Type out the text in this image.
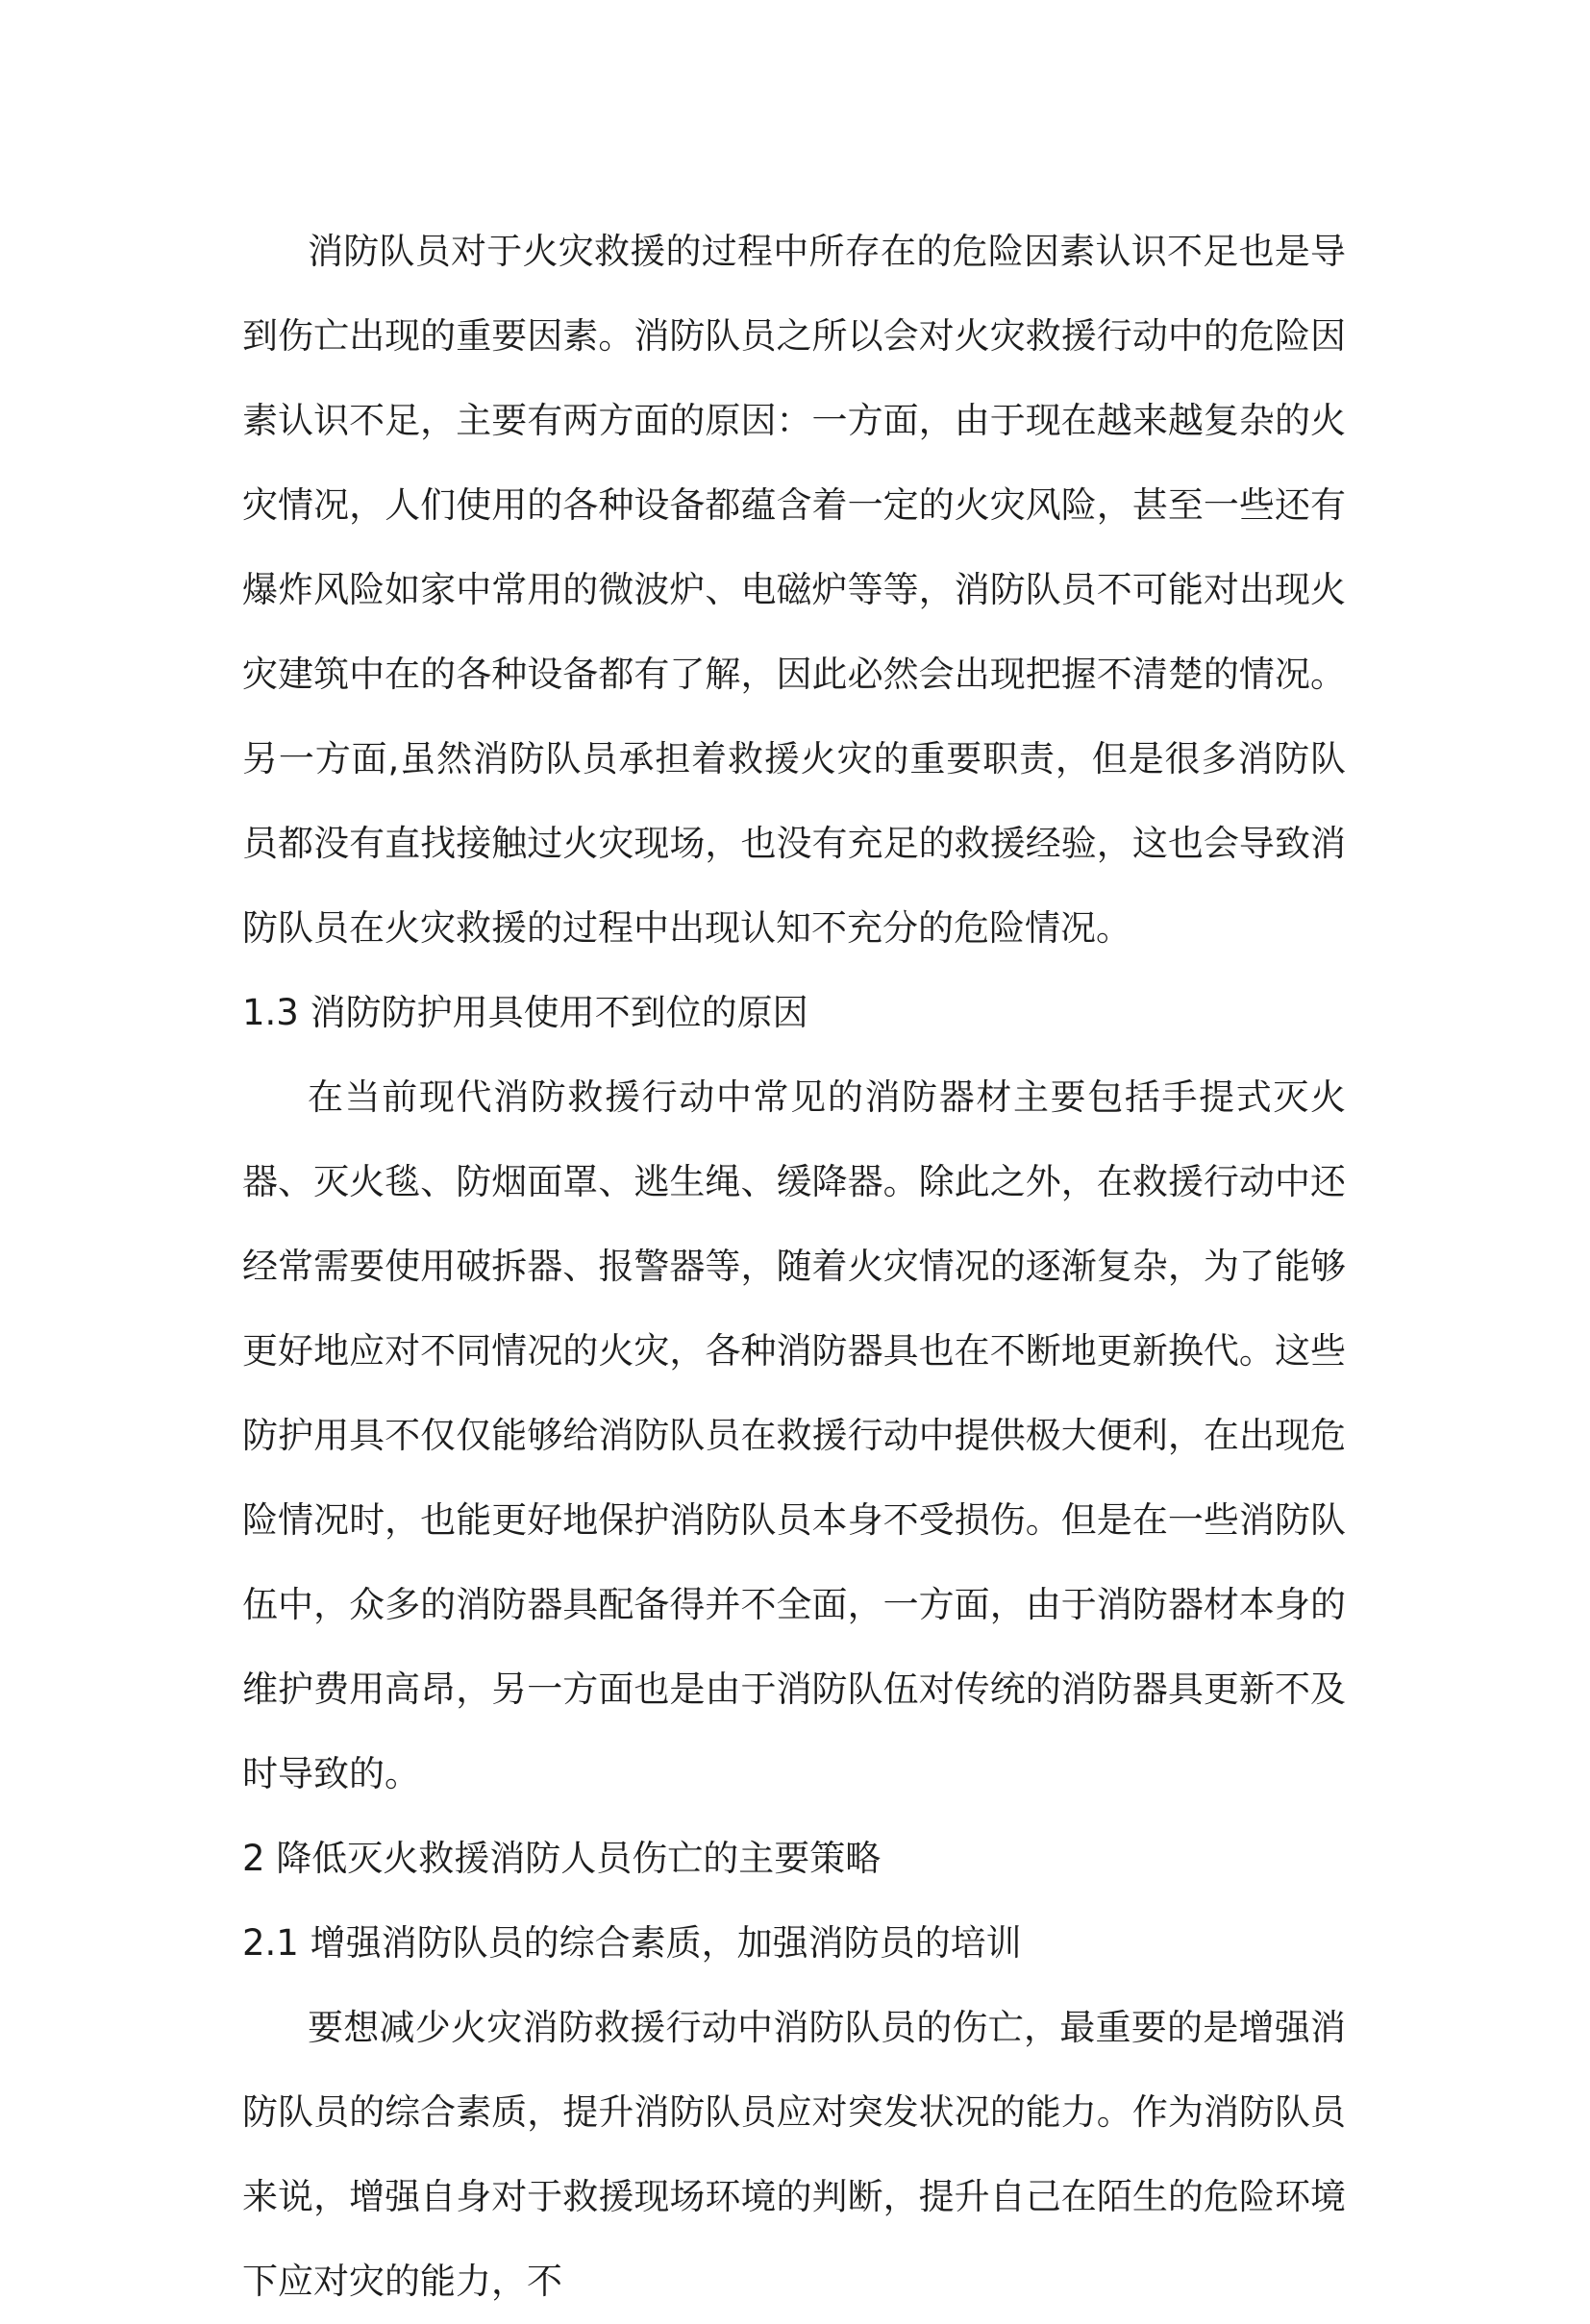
消防队员对于火灾救援的过程中所存在的危险因素认识不足也是导到伤亡出现的重要因素。消防队员之所以会对火灾救援行动中的危险因素认识不足，主要有两方面的原因：一方面，由于现在越来越复杂的火灾情况，人们使用的各种设备都蕴含着一定的火灾风险，甚至一些还有爆炸风险如家中常用的微波炉、电磁炉等等，消防队员不可能对出现火灾建筑中在的各种设备都有了解，因此必然会出现把握不清楚的情况。另一方面,虽然消防队员承担着救援火灾的重要职责，但是很多消防队员都没有直找接触过火灾现场，也没有充足的救援经验，这也会导致消防队员在火灾救援的过程中出现认知不充分的危险情况。

1.3 消防防护用具使用不到位的原因

在当前现代消防救援行动中常见的消防器材主要包括手提式灭火器、灭火毯、防烟面罩、逃生绳、缓降器。除此之外，在救援行动中还经常需要使用破拆器、报警器等，随着火灾情况的逐渐复杂，为了能够更好地应对不同情况的火灾，各种消防器具也在不断地更新换代。这些防护用具不仅仅能够给消防队员在救援行动中提供极大便利，在出现危险情况时，也能更好地保护消防队员本身不受损伤。但是在一些消防队伍中，众多的消防器具配备得并不全面，一方面，由于消防器材本身的维护费用高昂，另一方面也是由于消防队伍对传统的消防器具更新不及时导致的。

2 降低灭火救援消防人员伤亡的主要策略

2.1 增强消防队员的综合素质，加强消防员的培训

要想减少火灾消防救援行动中消防队员的伤亡，最重要的是增强消防队员的综合素质，提升消防队员应对突发状况的能力。作为消防队员来说，增强自身对于救援现场环境的判断，提升自己在陌生的危险环境下应对灾的能力，不
